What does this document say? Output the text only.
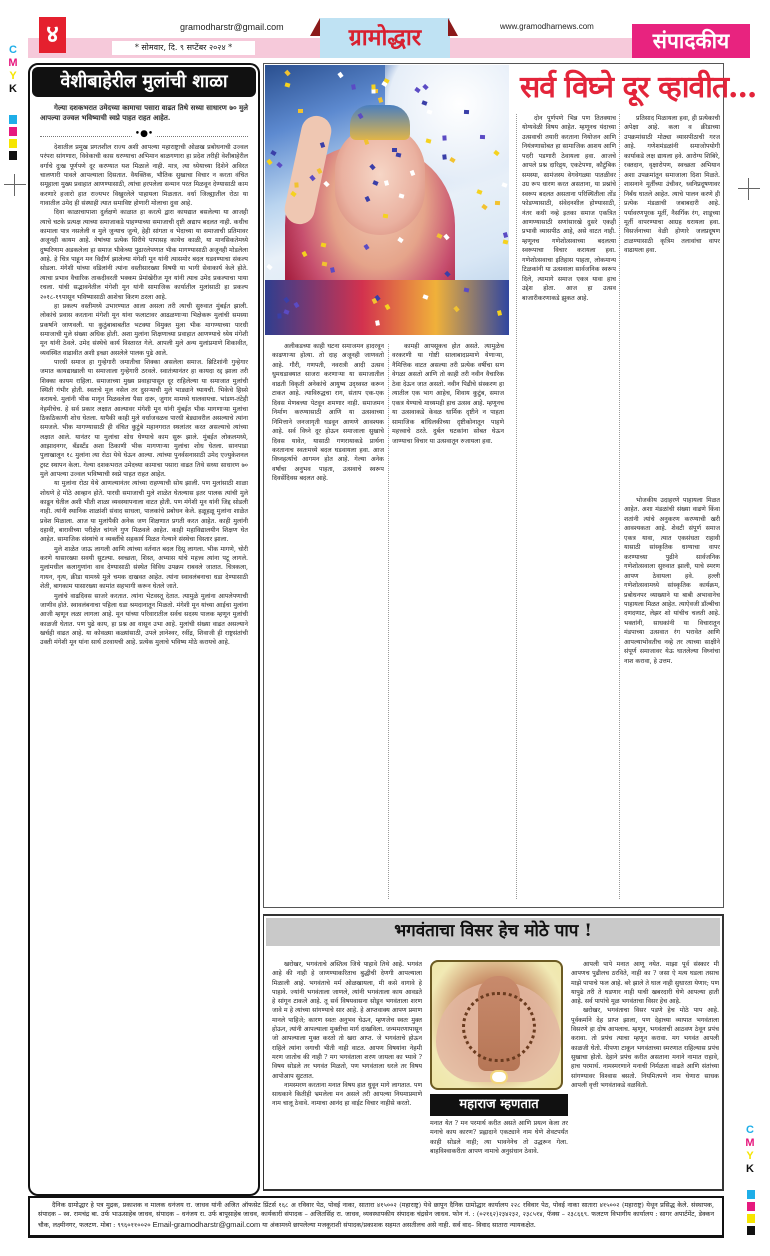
४	gramodharstr@gmail.com
* सोमवार, दि. ९ सप्टेंबर २०२४ *	ग्रामोद्धार	www.gramodharnews.com
संपादकीय
C
M
Y
K
C
M
Y
K
वेशीबाहेरील मुलांची शाळा
गेल्या दशकभरात उमेदच्या कामाचा पसारा वाढत तिथे सध्या साधारण ७० मुले आपल्या उज्वल भविष्याची स्वप्ने पाहत राहत आहेत.
•●•

देशातील प्रमुख प्रगतशील राज्य अशी आपल्या महाराष्ट्राची ओळख प्रबोधनाची उज्वल परंपरा सांगणारा, विवेकाची कास धरण्याचा अभिमान बाळगणारा हा प्रदेश तरीही वेशीबाहेरील वर्गाचे दुःख पूर्णपणे दूर करण्यात यश मिळाले नाही. मात्र, त्या ध्येयाच्या दिशेने अविरत चालणारी पावले आपल्याला दिसतात. वैयक्तिक, भौतिक सुखाचा विचार न करता वंचित समूहाला मुख्य प्रवाहात आणण्यासाठी, त्यांचा हरपलेला सन्मान परत मिळवून देण्यासाठी काम करणारे हजारो हात राज्यभर विखुरलेले पाहायला मिळतात. वर्धा जिल्ह्यातील रोठा या गावातील उमेद ही संस्थाही त्यात समाविष्ट होणारी मोलाचा दुवा आहे.

दिवा काळाचापाशा दुर्लक्षणे काळात हा करत्ये द्वारा कायद्यात बसलेल्या या आजही त्याचे चटके प्रत्यक्ष त्याच्या समाजाकडे पाहण्याच्या समाजाची दृष्टी अद्याप बदलत नाही. कधीच कामाला पात्र नसलेली व मुले जुन्याच जुन्ये, हेही सांगता व भेदाच्या या समाजाची प्रतिमावर अजूनही कायम आहे. वेषांच्या प्रत्येक सिरीये पापासह कायेच काळी, या मानसिकतेमध्ये दुष्परिणाम अडकलेला हा समाज भीकेच्या पुढारलेपणात भीक मागण्यासाठी अजूनही मोडलेला आहे. हे चित्र पाहून मन विदीर्ण झालेल्या मंगेशी मून यांनी त्यासमोर बदल घडवण्याचा संकल्प सोडला. मंगेशी यांच्या वडिलांनी त्यांना वस्तीसारख्या विषयी या भागी सेवाकार्य केले होते. त्याचा प्रभाव वैचारिक ताकदीवरती भक्कम प्रेमांखेरीज मून यांनी त्याच उमेद प्रकल्पाचा पाया रचला. यांची सद्भावनेतील मंगेशी मून यांनी सामाजिक कार्यातील मुलांसाठी हा प्रकल्प २०१८-१९पासून भविष्यासाठी आशेचा किरण ठरला आहे.

हा प्रकल्प वस्तीमध्ये उभारण्यात आला असला तरी त्याची सुरुवात मुंबईत झाली. लोकांचे प्रवास करताना मंगेशी मून यांना फलाटावर आढळणाऱ्या भिक्षेकरू मुलांची समस्या प्रकर्षाने जाणवली. या कुठुंबाबाबतीत भटक्या विमुक्त मुला भीक मागण्याच्या पारधी समाजाची मुले संख्या अधिक होती. अशा मुलांना शिक्षणाच्या प्रवाहात आणण्याचे ध्येय मंगेशी मून यांनी ठेवले. उमेद संस्थेचे कार्य विस्तारत गेले. आपली मुले अन्य मुलांप्रमाणे शिकावीत, व्यवस्थित वाढावीत अशी इच्छा असलेले पालक पुढे आले.

पारधी समाज हा गुन्हेगारी जमातीचा शिक्का असलेला समाज. ब्रिटिशांनी गुन्हेगार जमात कायद्याखाली या समाजाला गुन्हेगारी ठरवले. स्वातंत्र्यानंतर हा कायदा रद्द झाला तरी शिक्का कायम राहिला. समाजाच्या मुख्य प्रवाहापासून दूर राहिलेल्या या समाजात मुलांची स्थिती गंभीर होती. स्वतःचे मूल नसेल तर दुसऱ्याची मुले भाड्याने घ्यायची. भिकेचे हिस्से करायचे. मुलांनी भीक मागून मिळवलेला पैसा दारू, जुगार मामध्ये घालवायचा. भांडण-तंटेही नेहमीचेच. हे सर्व प्रकार लक्षात आल्यावर मंगेशी मून यांनी मुंबईत भीक मागणाऱ्या मुलांचा ठिकठिकाणी शोध घेतला. यापैकी काही मुले वर्धाजवळच पारधी बेड्यावरील असल्याचे त्यांना समजले. भीक मागण्यासाठी ही वंचित कुटुंबे महानगरात स्थलांतर करत असल्याचे त्यांच्या लक्षात आले. यानंतर या मुलांचा शोध घेण्याचे काम सुरू झाले. मुंबईत लोकलमध्ये, आझादनगर, बँडस्टँड अशा ठिकाणी भीक मागणाऱ्या मुलांचा शोध घेतला. सानपाडा पुलाखालून १८ मुलांना त्या रोठा येथे घेऊन आल्या. त्यांच्या पुनर्वसनासाठी उमेद एज्युकेशनल ट्रस्ट स्थापन केला. गेल्या दशकभरात उमेदच्या कामाचा पसारा वाढत तिथे सध्या साधारण ७० मुले आपल्या उज्वल भविष्याची स्वप्ने पाहत राहत आहेत.

या मुलांना रोठा येथे आणल्यानंतर त्यांच्या राहण्याची सोय झाली. पण मुलांसाठी शाळा शोधणे हे मोठे आव्हान होते. पारधी समाजाची मुले शाळेत घेतल्यास इतर पालक त्यांची मुले काढून घेतील अशी भीती शाळा व्यवस्थापनाला वाटत होती. पण मंगेशी मून यांनी जिद्द सोडली नाही. त्यांनी स्थानिक शाळांशी संवाद साधला, पालकांचे प्रबोधन केले. हळूहळू मुलांना शाळेत प्रवेश मिळाला. आज या मुलांपैकी अनेक जण शिक्षणात प्रगती करत आहेत. काही मुलांनी दहावी, बारावीच्या परीक्षेत चांगले गुण मिळवले आहेत. काही महाविद्यालयीन शिक्षण घेत आहेत. सामाजिक संस्थांचे व व्यक्तींचे सहकार्य मिळत गेल्याने संस्थेचा विस्तार झाला.

मुले शाळेत जाऊ लागली आणि त्यांच्या वर्तनात बदल दिसू लागला. भीक मागणे, चोरी करणे यासारख्या सवयी सुटल्या. स्वच्छता, शिस्त, अभ्यास यांचे महत्त्व त्यांना पटू लागले. मुलांमधील कलागुणांना वाव देण्यासाठी संस्थेत विविध उपक्रम राबवले जातात. चित्रकला, गायन, नृत्य, क्रीडा यामध्ये मुले चमक दाखवत आहेत. त्यांना स्वावलंबनाचा धडा देण्यासाठी शेती, बागकाम यासारख्या कामांत सहभागी करून घेतले जाते.

मुलांचे वाढदिवस साजरे करतात. त्यांना भेटवस्तू देतात. त्यामुळे मुलांना आपलेपणाची जाणीव होते. स्वावलंबनाचा पहिला धडा श्रमदानातून मिळतो. मंगेशी मून यांच्या आईचा मुलांना आजी म्हणून लळा लागला आहे. मून यांच्या परिवारातील सर्वच सदस्य पालक म्हणून मुलांची काळजी घेतात. पण पुढे काय, हा प्रश्न आ वासून उभा आहे. मुलांची संख्या वाढत असल्याने खर्चही वाढत आहे. या कोवळ्या कळ्यांसाठी, उपले ज्ञानेश्वर, रवींद्र, शिवाजी ही राष्ट्रसंतांची उक्ती मंगेशी मून यांना सार्थ ठरवायची आहे. प्रत्येक मुलाचे भविष्य मोठे करायचे आहे.

सर्व विघ्ने दूर व्हावीत...

अलीकडच्या काही घटना समाजमन हादरवून काढणाऱ्या होत्या. तो दाह अजूनही जाणवतो आहे. गौरी, गणपती, नवरात्री आदी उत्सव धुमधडाक्यात साजरा करणाऱ्या या समाजातील वाढती विकृती अनेकांचे आयुष्य उद्ध्वस्त करून टाकत आहे. त्याविरुद्धचा राग, संताप एक-एक दिवस मेणबत्त्या पेटवून शमणार नाही. समाजमन निर्माण करण्यासाठी आणि या उत्सवाच्या निमित्ताने जनजागृती घडवून आणणे आवश्यक आहे. सर्व विघ्ने दूर होऊन समाजाला सुखाचे दिवस यावेत, यासाठी गणरायाकडे प्रार्थना करतानाच स्वतःमध्ये बदल घडवायला हवा. आज विघ्नहर्त्याचे आगमन होत आहे. गेल्या अनेक वर्षांचा अनुभव पाहता, उत्सवाचे स्वरूप दिवसेंदिवस बदलत आहे.

कामही आपसूकच होत असते. त्यामुळेच वरकरणी या गोष्टी सालाबादप्रमाणे येणाऱ्या, नैमित्तिक वाटत असल्या तरी प्रत्येक वर्षीचा सण वेगळा असतो आणि तो काही तरी नवीन वैचारिक ठेवा देऊन जात असतो. नवीन पिढीचे संस्करण हा त्यातील एक भाग आहेच, शिवाय कुटुंब, समाज एकत्र येण्याचे माध्यमही हाच उत्सव आहे. म्हणूनच या उत्सवाकडे केवळ धार्मिक दृष्टीने न पाहता सामाजिक बांधिलकीच्या दृष्टीकोनातून पाहणे महत्त्वाचे ठरते. दुर्बल घटकांना सोबत घेऊन जाण्याचा विचार या उत्सवातून रुजायला हवा.

दोन पूर्णपणे भिन्न पण तितक्याच योग्यवेळी विषय आहेत. म्हणूनच यंदाच्या उत्सवाची तयारी करताना नियोजन आणि नियंत्रणासोबत हा सामाजिक आशय आणि पदरी पडणारी ठेवायला हवा. आजचे आपले प्रश्न दारिद्र्य, एकटेपणा, कौटुंबिक समस्या, सामंजस्य वेगवेगळ्या पातळीवर उग्र रूप धारण करत असताना, या प्रश्नांचे स्वरूप बदलत असताना परिस्थितीला तोंड फोडण्यासाठी, संवेदनशील होण्यासाठी, नंतर कधी नव्हे इतका समाज एकत्रित आणण्यासाठी सणांसारखे दुसरे एकही प्रभावी व्यासपीठ आहे, असे वाटत नाही. म्हणूनच गणेशोत्सवाच्या बदलत्या स्वरूपाचा विचार करायला हवा. गणेशोत्सवाचा इतिहास पाहता, लोकमान्य टिळकांनी या उत्सवाला सार्वजनिक स्वरूप दिले, त्यामागे समाज एकत्र यावा हाच उद्देश होता. आज हा उत्सव बाजारीकरणाकडे झुकत आहे.

प्रतिसाद मिळायला हवा, ही प्रत्येकाची अपेक्षा आहे. कला व क्रीडाच्या उपक्रमांसाठी मोठ्या व्यासपीठाची गरज आहे. गणेशमंडळांनी समाजोपयोगी कार्याकडे लक्ष द्यायला हवे. आरोग्य शिबिरे, रक्तदान, वृक्षारोपण, स्वच्छता अभियान अशा उपक्रमांतून समाजाला दिशा मिळते. शासनाने मूर्तींच्या उंचीवर, ध्वनिप्रदूषणावर निर्बंध घातले आहेत. त्याचे पालन करणे ही प्रत्येक मंडळाची जबाबदारी आहे. पर्यावरणपूरक मूर्ती, नैसर्गिक रंग, शाडूच्या मूर्ती वापरण्याचा आग्रह धरायला हवा. विसर्जनाच्या वेळी होणारे जलप्रदूषण टाळण्यासाठी कृत्रिम तलावांचा वापर वाढायला हवा.

भोजकीय उदाहरणे पाहायला मिळत आहेत. अशा मंडळांची संख्या वाढणे किंवा शतांनी त्यांचे अनुकरण करण्याची खरी आवश्यकता आहे. शेवटी संपूर्ण समाज एकत्र यावा, त्यात एकसंधता राहावी यासाठी सांस्कृतिक धाग्याचा वापर करण्याच्या पुढीने सार्वजनिक गणेशोत्सवाला सुरुवात झाली, याचे स्मरण आपण ठेवायला हवे. हल्ली गणेशोत्सवामध्ये सांस्कृतिक कार्यक्रम, प्रबोधनपर व्याख्याने या बाबी अभावानेच पाहायला मिळत आहेत. त्याऐवजी डॉल्बीचा दणदणाट, लेझर शो यांचीच चलती आहे. भक्तांनी, साधकांनी या विचारातून मंडपाच्या उत्सवात रंग भरावेत आणि आपल्याभोवतीच नव्हे तर त्याच्या साक्षीने संपूर्ण समाजावर येऊ घातलेल्या विघ्नांचा नाश करावा, हे उत्तम.

भगवंताचा विसर हेच मोठे पाप !

खरोखर, भगवंताचे अस्तित्व जिथे पाहावे तिथे आहे. भगवंत आहे की नाही हे जाणण्याकरिताच बुद्धीची देणगी आपल्याला मिळाली आहे. भगवंताचे मर्म ओळखायला, मी कसे वागावे हे पाहावे. ज्यांनी भगवंताला जाणले, त्यांनी भगवंताला काय आवडते हे सांगून टाकले आहे. तू सर्व विषयवासना सोडून भगवंताला शरण जावे म हे त्यांच्या सांगण्याचे सार आहे. हे आप्तवाक्य आपण प्रमाण मानले पाहिजे; कारण स्वतः अनुभव घेऊन, म्हणजेच स्वतः मुक्त होऊन, त्यांनी आपल्याला मुक्तीचा मार्ग दाखविला. जन्ममरणापासून जो आपल्याला मुक्त करतो तो खरा आप्त. जे भगवंताचे होऊन राहिले त्यांना जगाची भीती नाही वाटत. आपण विषयांना नेहमी मरण जातोच की नाही ? मग भगवंताला शरण जायला का भ्यावे ? विषय सोडले तर भगवंत मिळतो, पण भगवंताला धरले तर विषय आपोआप सुटतात.

नामस्मरण करताना मनात विषय हात धुवून मागे लागतात. पण साधकाने कितीही भ्रमलेला मन असले तरी आपल्या नियमाप्रमाणे नाम चालू ठेवावे. नामाचा आनंद हा वाईट विचार नाहीसे करतो.	महाराज म्हणतात
मनात येत ? मन परमार्थ करीत असते आणि प्रयत्न केला तर मनाचे काय कारण? प्रह्लादाने एकट्याने नाम घेणे शेवटपर्यंत काही सोडले नाही; त्या भावनेनेच तो उद्धरून गेला. बाहविश्वाकरीता आपण नामाचे अनुसंधान ठेवावे.

आपली पापे मनात आणू नयेत. माझा पूर्व संस्कार मी आपणच पुढीलच ठरविते, नाही का ? जसा ऐ मत्य घडला तसाच माझे पापाचे फल आहे. बरे झाले ते घाल नाही सुधारता येणार; पण यापुढे तरी ते घडणार नाही याची खबरदारी घेणे आपल्या हाती आहे. सर्व पापांचे मूळ भगवंताचा विसर हेच आहे.

खरोखर, भगवंताचा विसर पडणे हेच मोठे पाप आहे. पूर्वकर्माने देह प्राप्त झाला, पण देहाच्या व्यापात भगवंताला विसरणे हा दोष आपलाच. म्हणून, भगवंताची आठवण ठेवून प्रपंच करावा. तो प्रपंच त्याचा म्हणून करावा. मग भगवंत आपली काळजी घेतो. मीपणा टाकून भगवंताच्या स्मरणात राहिल्यास प्रपंच सुखाचा होतो. देहाने प्रपंच करीत असताना मनाने नामात राहावे, हाच परमार्थ. नामस्मरणाने मनाची निर्मळता वाढते आणि संतांच्या सांगण्यावर विश्वास बसतो. नियमितपणे नाम घेणारा साधक आपली वृत्ती भगवंताकडे वळवितो.

दैनिक ग्रामोद्धार हे पत्र मुद्रक, प्रकाशक व मालक धनंजय रा. जाधव यांनी अजित ऑफसेट प्रिंटर्स १६८ अ रविवार पेठ, पोवई नाका, सातारा ४१५००२ (महाराष्ट्र) येथे छापून दैनिक ग्रामोद्धार कार्यालय २२८ रविवार पेठ, पोवई नाका सातारा ४१५००२ (महाराष्ट्र) येथून प्रसिद्ध केले. संस्थापक, संपादक – स्व. रामचंद्र बा. उर्फ भाऊसाहेब जाधव, संपादक – धनंजय रा. उर्फ बापूसाहेब जाधव, कार्यकारी संपादक – अजितसिंह रा. जाधव, व्यवस्थापकीय संपादक चंद्रसेन जाधव. फोन नं. : (०२१६२)२३४२३२, २३८५१४, फॅक्स – २३८६६९. फलटण विभागीय कार्यालय : सागर अपार्टमेंट, डेक्कन चौक, लक्ष्मीनगर, फलटण. मोबा : ९९६०११००२० Email-gramodharstr@gmail.com या अंकामध्ये छापलेल्या मजकूराशी संपादक/प्रकाशक सहमत असतीलच असे नाही. सर्व वाद– विवाद सातारा न्यायकक्षेत.
